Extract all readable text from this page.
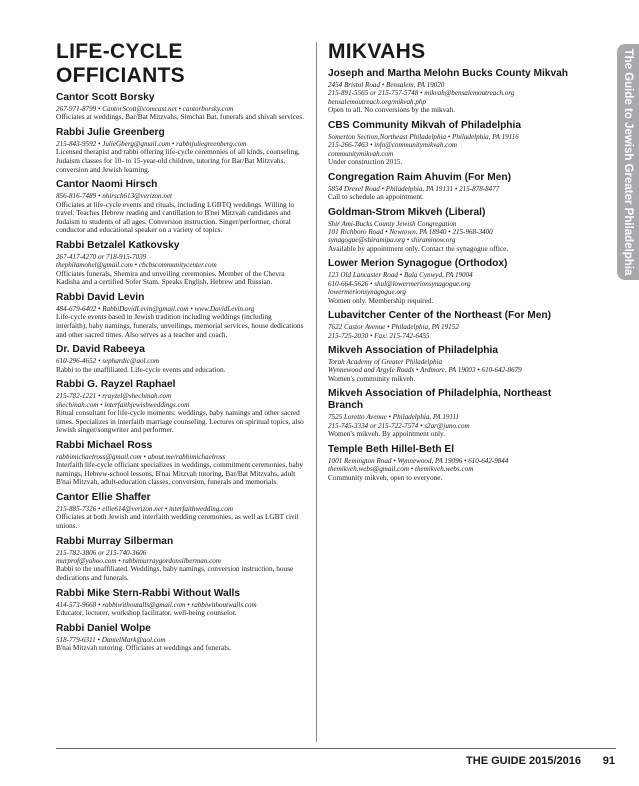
LIFE-CYCLE OFFICIANTS
Cantor Scott Borsky
267-971-8799 • CantorScott@comcast.net • cantorborsky.com
Officiates at weddings, Bar/Bat Mitzvahs, Simchat Bat, funerals and shivah services.
Rabbi Julie Greenberg
215-843-9592 • JulieGberg@gmail.com • rabbijuliegreenberg.com
Licensed therapist and rabbi offering life-cycle ceremonies of all kinds, counseling, Judaism classes for 10- to 15-year-old children, tutoring for Bar/Bat Mitzvahs, conversion and Jewish learning.
Cantor Naomi Hirsch
856-816-7489 • nhirsch613@verizon.net
Officiates at life-cycle events and rituals, including LGBTQ weddings. Willing to travel. Teaches Hebrew reading and cantillation to B'nei Mitzvah candidates and Judaism to students of all ages. Conversion instruction. Singer/performer, choral conductor and educational speaker on a variety of topics.
Rabbi Betzalel Katkovsky
267-417-4270 or 718-915-7039
thephilamohel@gmail.com • cbcbscommunitycenter.com
Officiates funerals, Shemira and unveiling ceremonies. Member of the Chevra Kadisha and a certified Sofer Stam. Speaks English, Hebrew and Russian.
Rabbi David Levin
484-679-6402 • RabbiDavidLevin@gmail.com • www.DavidLevin.org
Life-cycle events based in Jewish tradition including weddings (including interfaith), baby namings, funerals, unveilings, memorial services, house dedications and other sacred times. Also serves as a teacher and coach.
Dr. David Rabeeya
610-296-4652 • sephardic@aol.com
Rabbi to the unaffiliated. Life-cycle events and education.
Rabbi G. Rayzel Raphael
215-782-1221 • rrayzel@shechinah.com
shechinah.com • interfaithjewishweddings.com
Ritual consultant for life-cycle moments: weddings, baby namings and other sacred times. Specializes in interfaith marriage counseling. Lectures on spiritual topics, also Jewish singer/songwriter and performer.
Rabbi Michael Ross
rabbimichaelross@gmail.com • about.me/rabbimichaelross
Interfaith life-cycle officiant specializes in weddings, commitment ceremonies, baby namings, Hebrew-school lessons, B'nai Mitzvah tutoring, Bar/Bat Mitzvahs, adult B'nai Mitzvah, adult-education classes, conversion, funerals and memorials.
Cantor Ellie Shaffer
215-885-7326 • ellie614@verizon.net • interfaithwedding.com
Officiates at both Jewish and interfaith wedding ceremonies, as well as LGBT civil unions.
Rabbi Murray Silberman
215-782-3806 or 215-740-3606
murprof@yahoo.com • rabbimurraygordonsilberman.com
Rabbi to the unaffiliated. Weddings, baby namings, conversion instruction, house dedications and funerals.
Rabbi Mike Stern-Rabbi Without Walls
414-573-9668 • rabbiwithoutalls@gmail.com • rabbiwithoutwalls.com
Educator, lecturer, workshop facilitator, well-being counselor.
Rabbi Daniel Wolpe
518-779-6311 • DanielMark@aol.com
B'nai Mitzvah tutoring. Officiates at weddings and funerals.
MIKVAHS
Joseph and Martha Melohn Bucks County Mikvah
2454 Bristol Road • Bensalem, PA 19020
215-891-5565 or 215-757-5748 • mikvah@bensalemoutreach.org
bensalemoutreach.org/mikvah.php
Open to all. No conversions by the mikvah.
CBS Community Mikvah of Philadelphia
Somerton Section,Northeast Philadelphia • Philadelphia, PA 19116
215-266-7463 • info@communitymikvah.com
communitymikvah.com
Under construction 2015.
Congregation Raim Ahuvim (For Men)
5854 Drexel Road • Philadelphia, PA 19131 • 215-878-8477
Call to schedule an appointment.
Goldman-Strom Mikveh (Liberal)
Shir Ami-Bucks County Jewish Congregation
101 Richboro Road • Newtown, PA 18940 • 215-968-3400
synagogue@shiramipa.org • shiraminow.org
Available by appointment only. Contact the synagogue office.
Lower Merion Synagogue (Orthodox)
123 Old Lancaster Road • Bala Cynwyd, PA 19004
610-664-5626 • shul@lowermerionsynagogue.org
lowermerionsynagogue.org
Women only. Membership required.
Lubavitcher Center of the Northeast (For Men)
7622 Castor Avenue • Philadelphia, PA 19152
215-725-2030 • Fax: 215-742-6455
Mikveh Association of Philadelphia
Torah Academy of Greater Philadelphia
Wynnewood and Argyle Roads • Ardmore, PA 19003 • 610-642-8679
Women's community mikveh.
Mikveh Association of Philadelphia, Northeast Branch
7525 Loretto Avenue • Philadelphia, PA 19111
215-745-3334 or 215-722-7574 • s2ar@juno.com
Women's mikveh. By appointment only.
Temple Beth Hillel-Beth El
1001 Remington Road • Wynnewood, PA 19096 • 610-642-9844
themikveh.webs@gmail.com • themikveh.webs.com
Community mikveh, open to everyone.
The Guide to Jewish Greater Philadelphia
THE GUIDE 2015/2016 91
